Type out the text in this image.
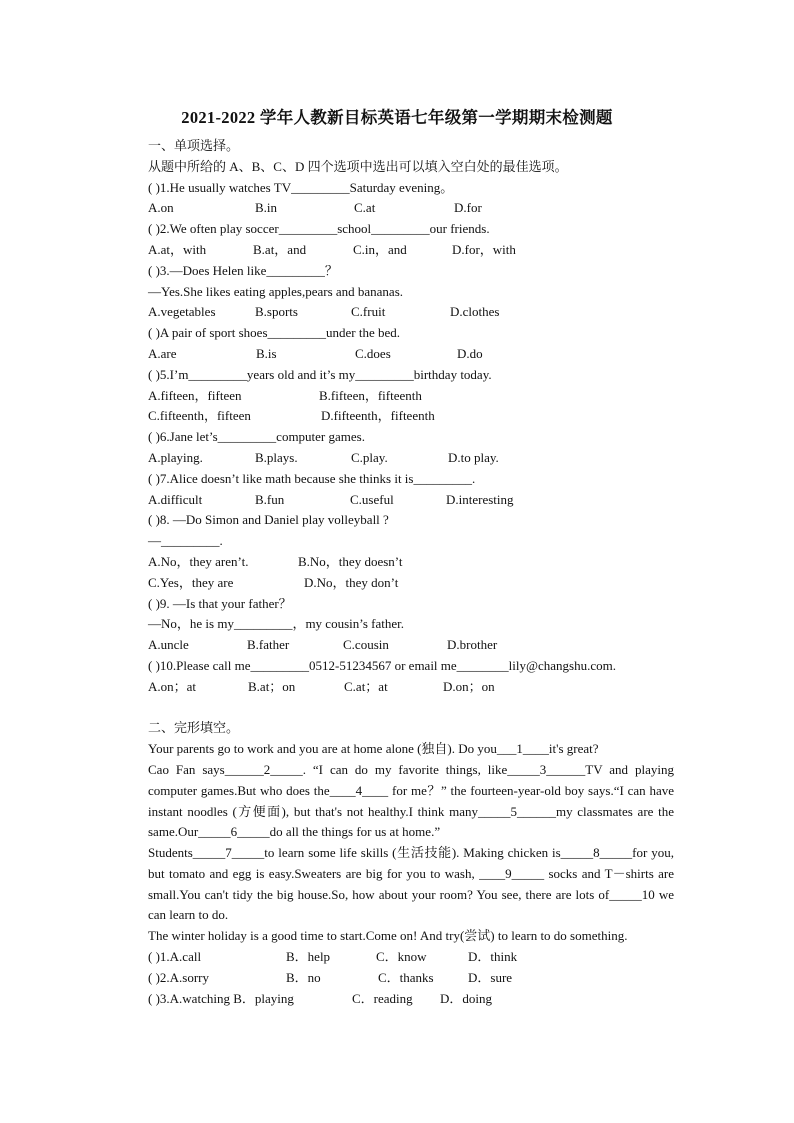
2021-2022 学年人教新目标英语七年级第一学期期末检测题
一、单项选择。
从题中所给的 A、B、C、D 四个选项中选出可以填入空白处的最佳选项。
( )1.He usually watches TV_________Saturday evening。
A.on	B.in	C.at	D.for
( )2.We often play soccer_________school_________our friends.
A.at，with	B.at，and	C.in，and	D.for，with
( )3.—Does Helen like_________？
—Yes.She likes eating apples,pears and bananas.
A.vegetables	B.sports	C.fruit	D.clothes
( )A pair of sport shoes_________under the bed.
A.are	B.is	C.does	D.do
( )5.I’m_________years old and it’s my_________birthday today.
A.fifteen，fifteen	B.fifteen，fifteenth
C.fifteenth，fifteen	D.fifteenth，fifteenth
( )6.Jane let’s_________computer games.
A.playing.	B.plays.	C.play.	D.to play.
( )7.Alice doesn’t like math because she thinks it is_________.
A.difficult	B.fun	C.useful	D.interesting
( )8. —Do Simon and Daniel play volleyball ?
—_________.
A.No，they aren’t.	B.No，they doesn’t
C.Yes，they are	D.No，they don’t
( )9. —Is that your father？
—No，he is my_________，my cousin’s father.
A.uncle	B.father	C.cousin	D.brother
( )10.Please call me_________0512-51234567 or email me________lily@changshu.com.
A.on；at	B.at；on	C.at；at	D.on；on
二、完形填空。

Your parents go to work and you are at home alone (独自). Do you___1____it's great?

Cao Fan says______2_____. “I can do my favorite things, like_____3______TV and playing computer games.But who does the____4____ for me？” the fourteen-year-old boy says.“I can have instant noodles (方便面), but that's not healthy.I think many_____5______my classmates are the same.Our_____6_____do all the things for us at home.”

Students_____7_____to learn some life skills (生活技能). Making chicken is_____8_____for you, but tomato and egg is easy.Sweaters are big for you to wash, ____9_____ socks and T－shirts are small.You can't tidy the big house.So, how about your room? You see, there are lots of_____10 we can learn to do.

The winter holiday is a good time to start.Come on! And try(尝试) to learn to do something.

( )1.A.call	B．help	C．know	D．think
( )2.A.sorry	B．no	C．thanks	D．sure
( )3.A.watching B．playing	C．reading	D．doing
